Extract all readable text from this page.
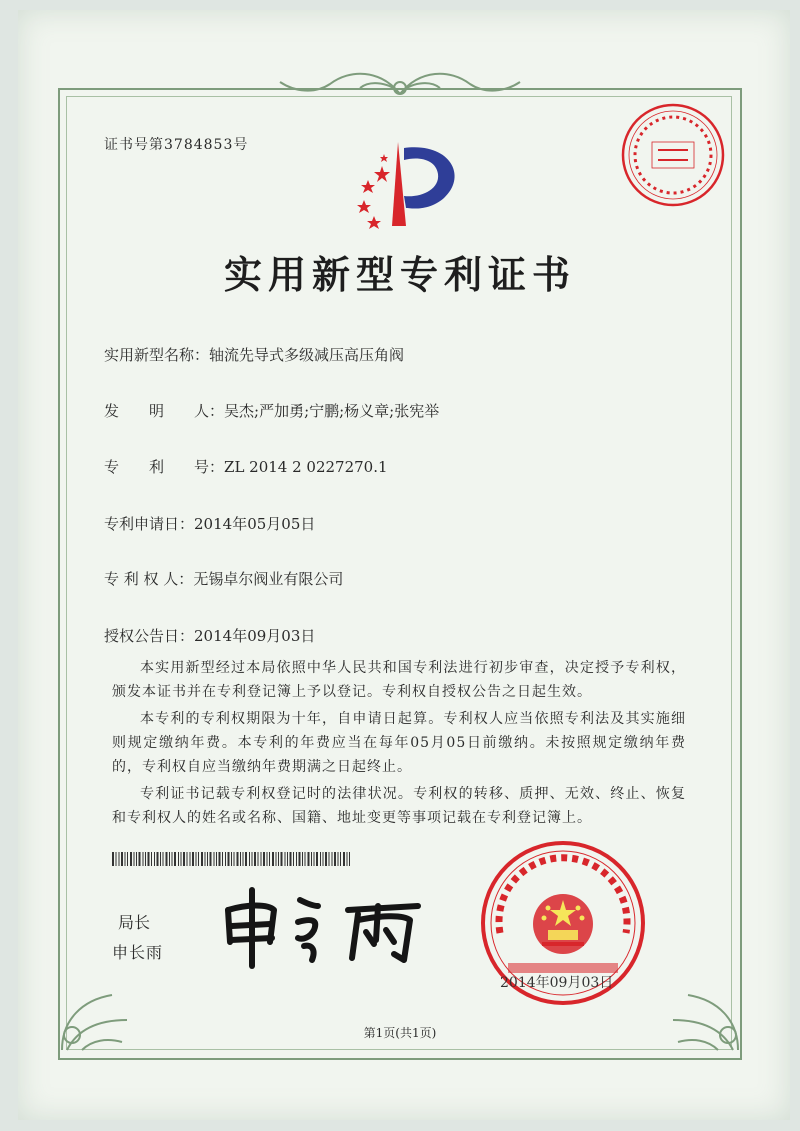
证书号第3784853号
实用新型专利证书
实用新型名称：轴流先导式多级减压高压角阀
发　　明　　人：吴杰;严加勇;宁鹏;杨义章;张宪举
专　　利　　号：ZL 2014 2 0227270.1
专利申请日：2014年05月05日
专 利 权 人：无锡卓尔阀业有限公司
授权公告日：2014年09月03日

本实用新型经过本局依照中华人民共和国专利法进行初步审查，决定授予专利权，颁发本证书并在专利登记簿上予以登记。专利权自授权公告之日起生效。

本专利的专利权期限为十年，自申请日起算。专利权人应当依照专利法及其实施细则规定缴纳年费。本专利的年费应当在每年05月05日前缴纳。未按照规定缴纳年费的，专利权自应当缴纳年费期满之日起终止。

专利证书记载专利权登记时的法律状况。专利权的转移、质押、无效、终止、恢复和专利权人的姓名或名称、国籍、地址变更等事项记载在专利登记簿上。

局长
申长雨
2014年09月03日
第1页(共1页)
